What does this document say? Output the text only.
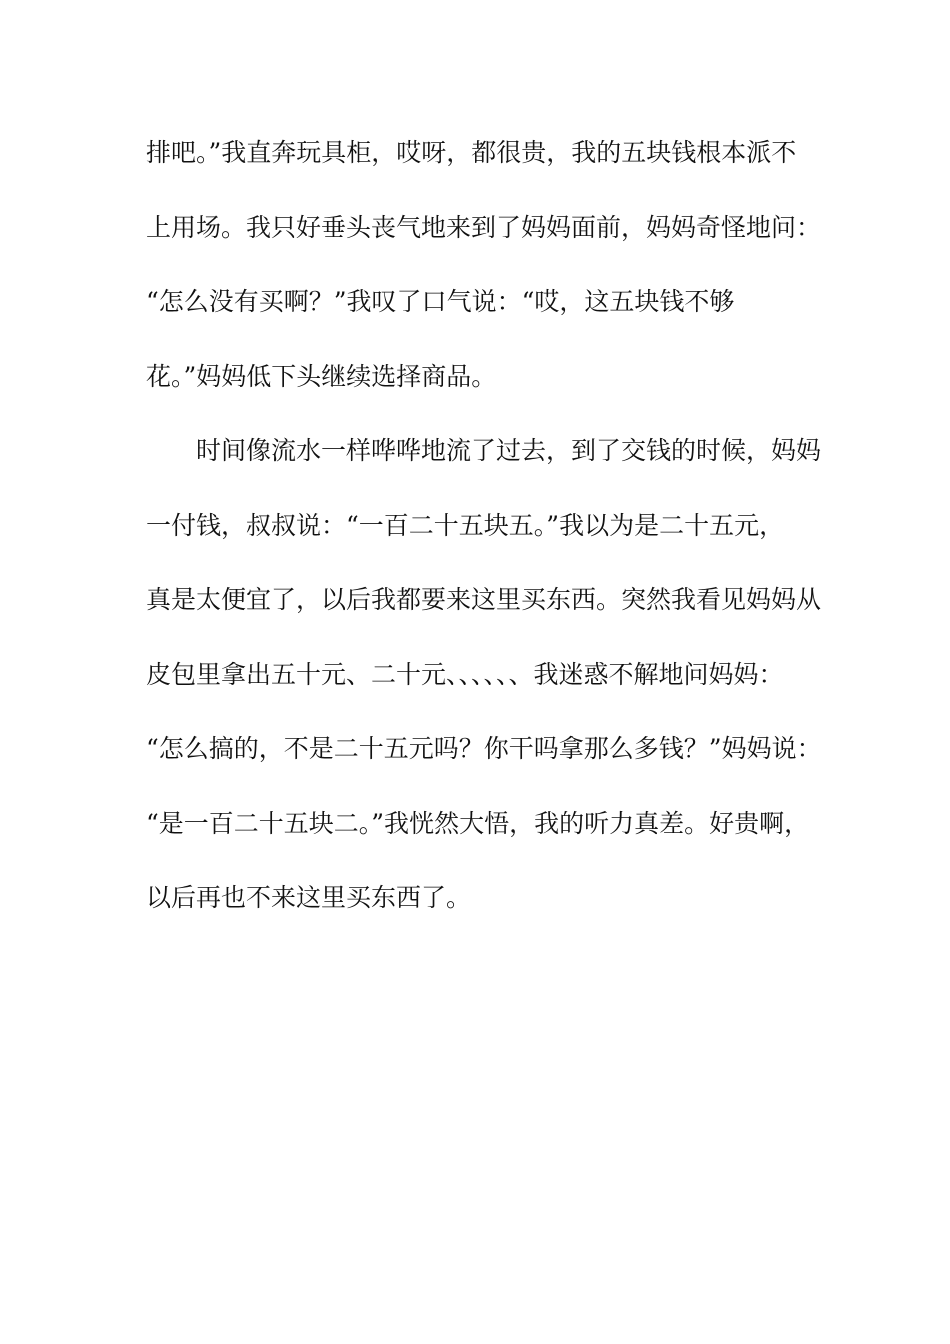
排吧。”我直奔玩具柜，哎呀，都很贵，我的五块钱根本派不
上用场。我只好垂头丧气地来到了妈妈面前，妈妈奇怪地问：
“怎么没有买啊？”我叹了口气说：“哎，这五块钱不够
花。”妈妈低下头继续选择商品。
时间像流水一样哗哗地流了过去，到了交钱的时候，妈妈
一付钱，叔叔说：“一百二十五块五。”我以为是二十五元，
真是太便宜了，以后我都要来这里买东西。突然我看见妈妈从
皮包里拿出五十元、二十元、、、、、、我迷惑不解地问妈妈：
“怎么搞的，不是二十五元吗？你干吗拿那么多钱？”妈妈说：
“是一百二十五块二。”我恍然大悟，我的听力真差。好贵啊，
以后再也不来这里买东西了。
